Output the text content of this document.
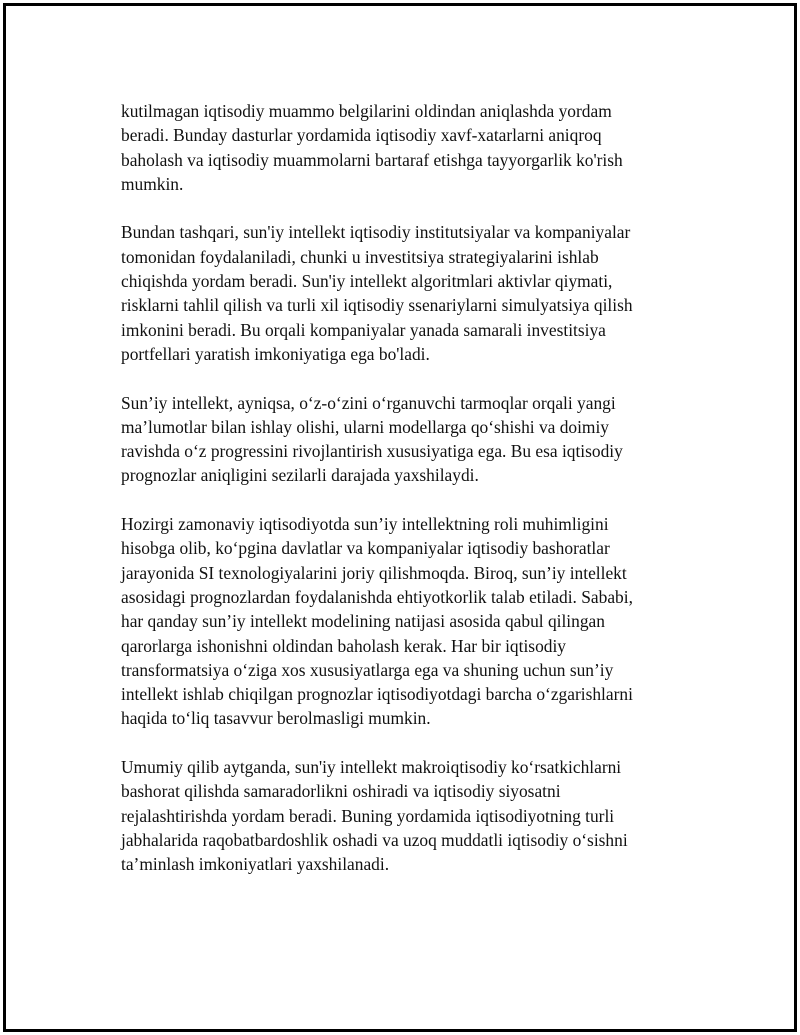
kutilmagan iqtisodiy muammo belgilarini oldindan aniqlashda yordam
beradi. Bunday dasturlar yordamida iqtisodiy xavf-xatarlarni aniqroq
baholash va iqtisodiy muammolarni bartaraf etishga tayyorgarlik ko'rish
mumkin.

Bundan tashqari, sun'iy intellekt iqtisodiy institutsiyalar va kompaniyalar
tomonidan foydalaniladi, chunki u investitsiya strategiyalarini ishlab
chiqishda yordam beradi. Sun'iy intellekt algoritmlari aktivlar qiymati,
risklarni tahlil qilish va turli xil iqtisodiy ssenariylarni simulyatsiya qilish
imkonini beradi. Bu orqali kompaniyalar yanada samarali investitsiya
portfellari yaratish imkoniyatiga ega bo'ladi.

Sun’iy intellekt, ayniqsa, o‘z-o‘zini o‘rganuvchi tarmoqlar orqali yangi
ma’lumotlar bilan ishlay olishi, ularni modellarga qo‘shishi va doimiy
ravishda o‘z progressini rivojlantirish xususiyatiga ega. Bu esa iqtisodiy
prognozlar aniqligini sezilarli darajada yaxshilaydi.

Hozirgi zamonaviy iqtisodiyotda sun’iy intellektning roli muhimligini
hisobga olib, ko‘pgina davlatlar va kompaniyalar iqtisodiy bashoratlar
jarayonida SI texnologiyalarini joriy qilishmoqda. Biroq, sun’iy intellekt
asosidagi prognozlardan foydalanishda ehtiyotkorlik talab etiladi. Sababi,
har qanday sun’iy intellekt modelining natijasi asosida qabul qilingan
qarorlarga ishonishni oldindan baholash kerak. Har bir iqtisodiy
transformatsiya o‘ziga xos xususiyatlarga ega va shuning uchun sun’iy
intellekt ishlab chiqilgan prognozlar iqtisodiyotdagi barcha o‘zgarishlarni
haqida to‘liq tasavvur berolmasligi mumkin.

Umumiy qilib aytganda, sun'iy intellekt makroiqtisodiy ko‘rsatkichlarni
bashorat qilishda samaradorlikni oshiradi va iqtisodiy siyosatni
rejalashtirishda yordam beradi. Buning yordamida iqtisodiyotning turli
jabhalarida raqobatbardoshlik oshadi va uzoq muddatli iqtisodiy o‘sishni
ta’minlash imkoniyatlari yaxshilanadi.
